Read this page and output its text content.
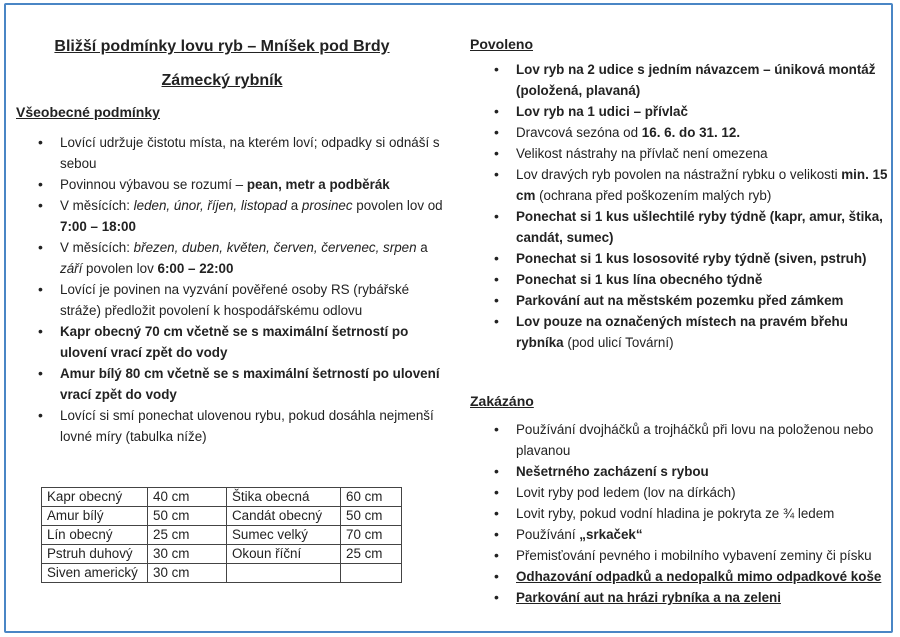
Bližší podmínky lovu ryb – Mníšek pod Brdy

Zámecký rybník

Všeobecné podmínky

• Lovící udržuje čistotu místa, na kterém loví; odpadky si odnáší s sebou
• Povinnou výbavou se rozumí – pean, metr a podběrák
• V měsících: leden, únor, říjen, listopad a prosinec povolen lov od 7:00 – 18:00
• V měsících: březen, duben, květen, červen, červenec, srpen a září povolen lov 6:00 – 22:00
• Lovící je povinen na vyzvání pověřené osoby RS (rybářské stráže) předložit povolení k hospodářskému odlovu
• Kapr obecný 70 cm včetně se s maximální šetrností po ulovení vrací zpět do vody
• Amur bílý 80 cm včetně se s maximální šetrností po ulovení vrací zpět do vody
• Lovící si smí ponechat ulovenou rybu, pokud dosáhla nejmenší lovné míry (tabulka níže)
Kapr obecný	40 cm	Štika obecná	60 cm
Amur bílý	50 cm	Candát obecný	50 cm
Lín obecný	25 cm	Sumec velký	70 cm
Pstruh duhový	30 cm	Okoun říční	25 cm
Siven americký	30 cm		

Povoleno

• Lov ryb na 2 udice s jedním návazcem – úniková montáž (položená, plavaná)
• Lov ryb na 1 udici – přívlač
• Dravcová sezóna od 16. 6. do 31. 12.
• Velikost nástrahy na přívlač není omezena
• Lov dravých ryb povolen na nástražní rybku o velikosti min. 15 cm (ochrana před poškozením malých ryb)
• Ponechat si 1 kus ušlechtilé ryby týdně (kapr, amur, štika, candát, sumec)
• Ponechat si 1 kus lososovité ryby týdně (siven, pstruh)
• Ponechat si 1 kus lína obecného týdně
• Parkování aut na městském pozemku před zámkem
• Lov pouze na označených místech na pravém břehu rybníka (pod ulicí Tovární)

Zakázáno

• Používání dvojháčků a trojháčků při lovu na položenou nebo plavanou
• Nešetrného zacházení s rybou
• Lovit ryby pod ledem (lov na dírkách)
• Lovit ryby, pokud vodní hladina je pokryta ze ¾ ledem
• Používání „srkaček“
• Přemisťování pevného i mobilního vybavení zeminy či písku
• Odhazování odpadků a nedopalků mimo odpadkové koše
• Parkování aut na hrázi rybníka a na zeleni
